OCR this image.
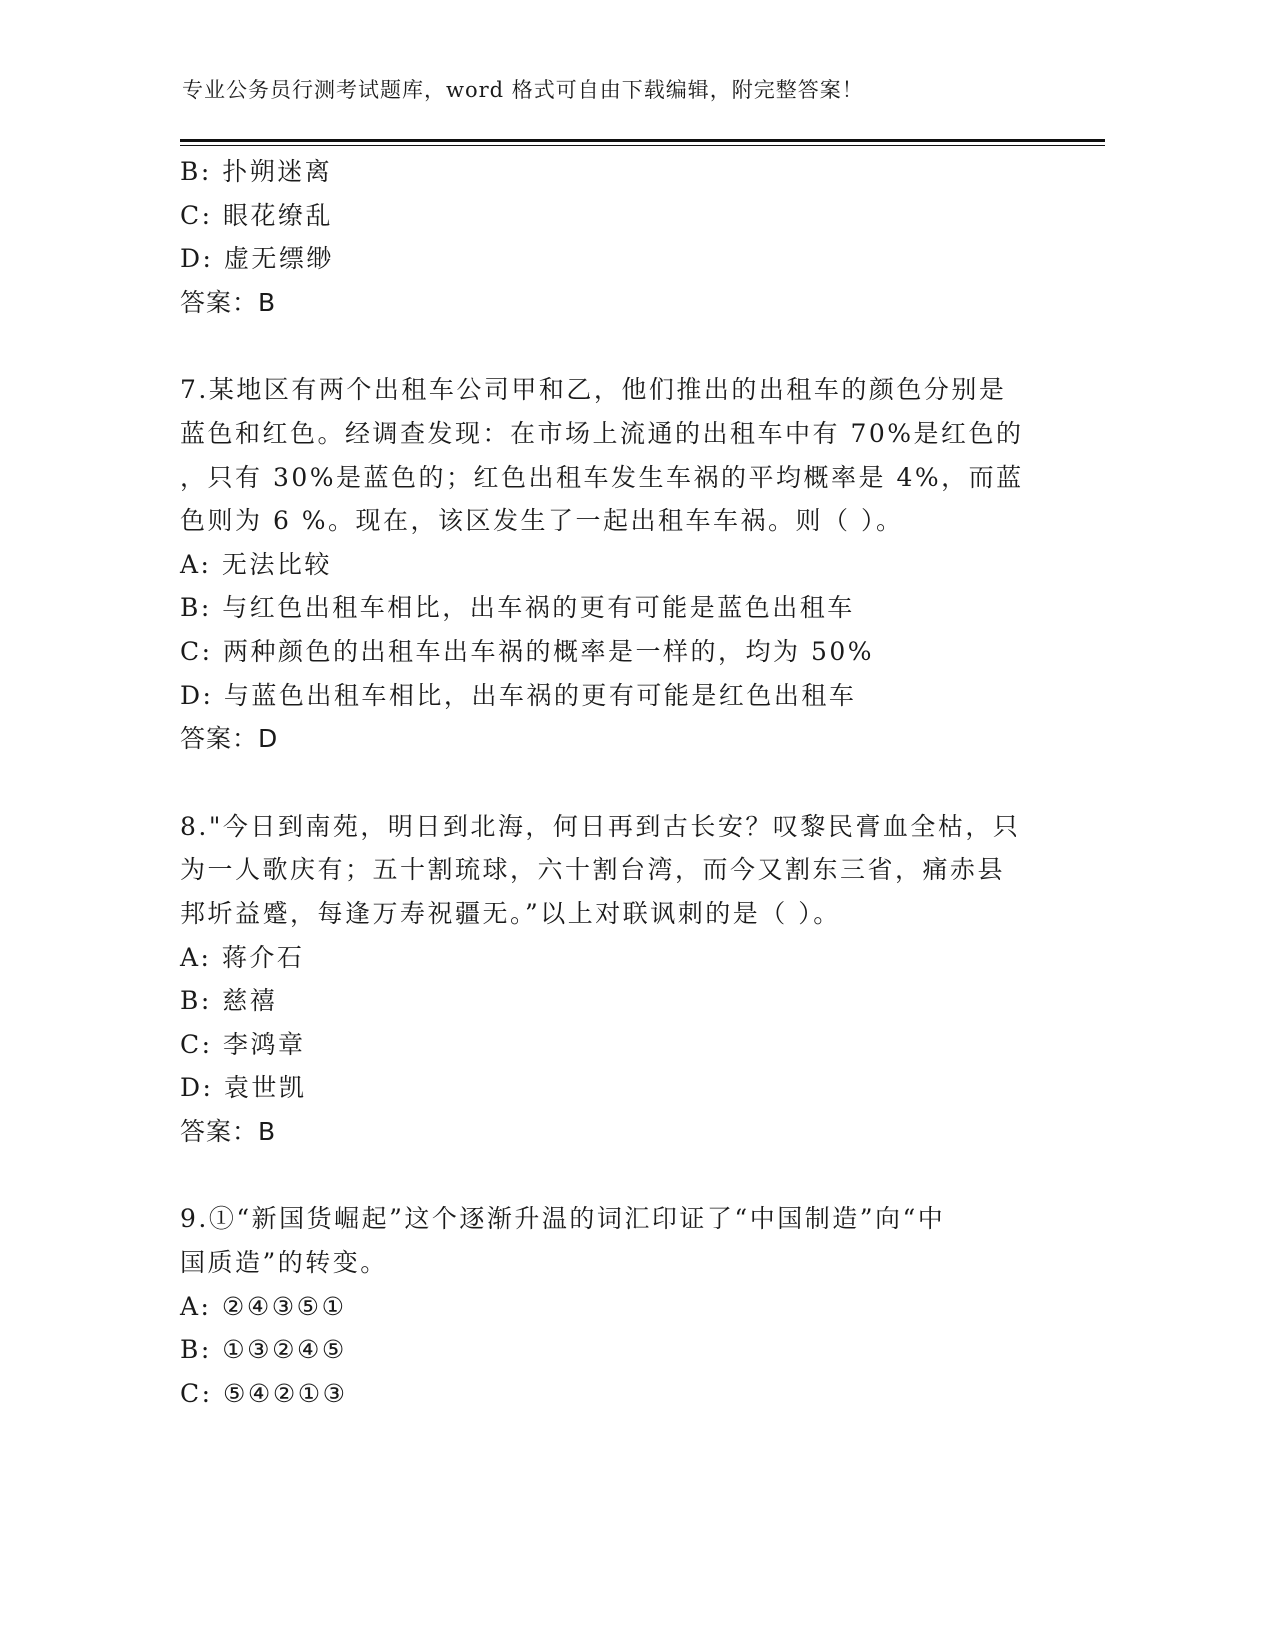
专业公务员行测考试题库，word 格式可自由下载编辑，附完整答案！
B: 扑朔迷离
C: 眼花缭乱
D: 虚无缥缈
答案：B
7.某地区有两个出租车公司甲和乙，他们推出的出租车的颜色分别是
蓝色和红色。经调查发现：在市场上流通的出租车中有 70%是红色的
，只有 30%是蓝色的；红色出租车发生车祸的平均概率是 4%，而蓝
色则为 6 %。现在，该区发生了一起出租车车祸。则（ ）。
A: 无法比较
B: 与红色出租车相比，出车祸的更有可能是蓝色出租车
C: 两种颜色的出租车出车祸的概率是一样的，均为 50%
D: 与蓝色出租车相比，出车祸的更有可能是红色出租车
答案：D
8."今日到南苑，明日到北海，何日再到古长安？叹黎民膏血全枯，只
为一人歌庆有；五十割琉球，六十割台湾，而今又割东三省，痛赤县
邦圻益蹙，每逢万寿祝疆无。”以上对联讽刺的是（ ）。
A: 蒋介石
B: 慈禧
C: 李鸿章
D: 袁世凯
答案：B
9.①“新国货崛起”这个逐渐升温的词汇印证了“中国制造”向“中
国质造”的转变。
A: ②④③⑤①
B: ①③②④⑤
C: ⑤④②①③
